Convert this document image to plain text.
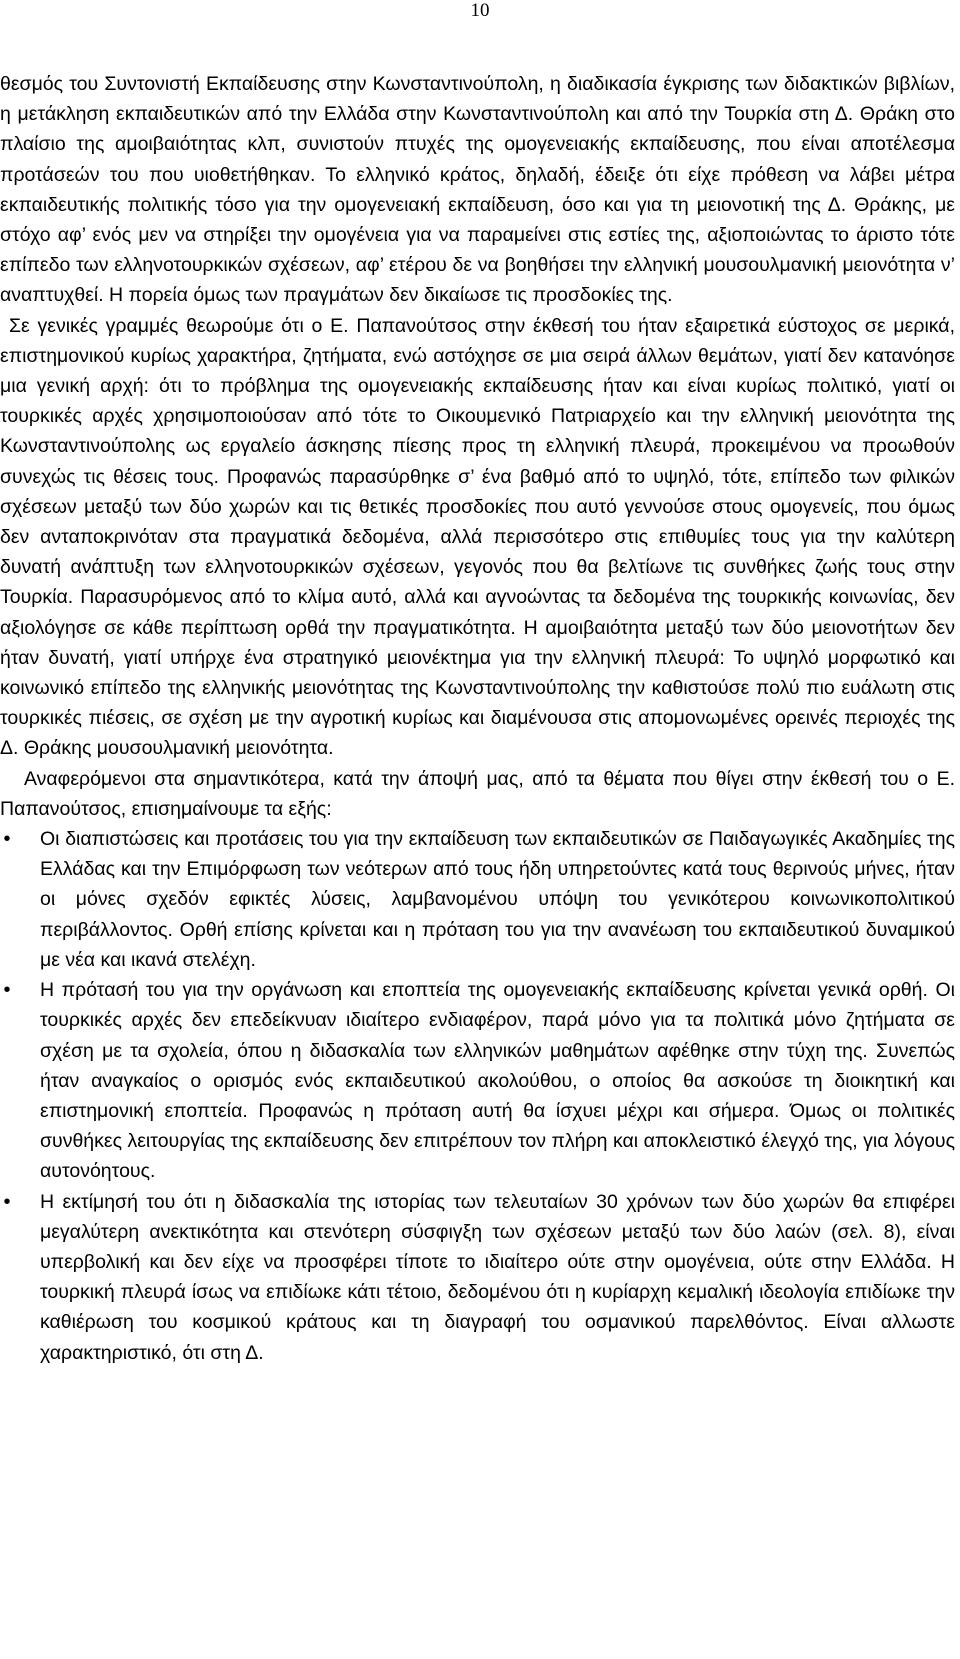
10

θεσμός του Συντονιστή Εκπαίδευσης στην Κωνσταντινούπολη, η διαδικασία έγκρισης των διδακτικών βιβλίων, η μετάκληση εκπαιδευτικών από την Ελλάδα στην Κωνσταντινούπολη και από την Τουρκία στη Δ. Θράκη στο πλαίσιο της αμοιβαιότητας κλπ, συνιστούν πτυχές της ομογενειακής εκπαίδευσης, που είναι αποτέλεσμα προτάσεών του που υιοθετήθηκαν. Το ελληνικό κράτος, δηλαδή, έδειξε ότι είχε πρόθεση να λάβει μέτρα εκπαιδευτικής πολιτικής τόσο για την ομογενειακή εκπαίδευση, όσο και για τη μειονοτική της Δ. Θράκης, με στόχο αφ’ ενός μεν να στηρίξει την ομογένεια για να παραμείνει στις εστίες της, αξιοποιώντας το άριστο τότε επίπεδο των ελληνοτουρκικών σχέσεων, αφ’ ετέρου δε να βοηθήσει την ελληνική μουσουλμανική μειονότητα ν’ αναπτυχθεί. Η πορεία όμως των πραγμάτων δεν δικαίωσε τις προσδοκίες της.

Σε γενικές γραμμές θεωρούμε ότι ο Ε. Παπανούτσος στην έκθεσή του ήταν εξαιρετικά εύστοχος σε μερικά, επιστημονικού κυρίως χαρακτήρα, ζητήματα, ενώ αστόχησε σε μια σειρά άλλων θεμάτων, γιατί δεν κατανόησε μια γενική αρχή: ότι το πρόβλημα της ομογενειακής εκπαίδευσης ήταν και είναι κυρίως πολιτικό, γιατί οι τουρκικές αρχές χρησιμοποιούσαν από τότε το Οικουμενικό Πατριαρχείο και την ελληνική μειονότητα της Κωνσταντινούπολης ως εργαλείο άσκησης πίεσης προς τη ελληνική πλευρά, προκειμένου να προωθούν συνεχώς τις θέσεις τους. Προφανώς παρασύρθηκε σ’ ένα βαθμό από το υψηλό, τότε, επίπεδο των φιλικών σχέσεων μεταξύ των δύο χωρών και τις θετικές προσδοκίες που αυτό γεννούσε στους ομογενείς, που όμως δεν ανταποκρινόταν στα πραγματικά δεδομένα, αλλά περισσότερο στις επιθυμίες τους για την καλύτερη δυνατή ανάπτυξη των ελληνοτουρκικών σχέσεων, γεγονός που θα βελτίωνε τις συνθήκες ζωής τους στην Τουρκία. Παρασυρόμενος από το κλίμα αυτό, αλλά και αγνοώντας τα δεδομένα της τουρκικής κοινωνίας, δεν αξιολόγησε σε κάθε περίπτωση ορθά την πραγματικότητα. Η αμοιβαιότητα μεταξύ των δύο μειονοτήτων δεν ήταν δυνατή, γιατί υπήρχε ένα στρατηγικό μειονέκτημα για την ελληνική πλευρά: Το υψηλό μορφωτικό και κοινωνικό επίπεδο της ελληνικής μειονότητας της Κωνσταντινούπολης την καθιστούσε πολύ πιο ευάλωτη στις τουρκικές πιέσεις, σε σχέση με την αγροτική κυρίως και διαμένουσα στις απομονωμένες ορεινές περιοχές της Δ. Θράκης μουσουλμανική μειονότητα.

Αναφερόμενοι στα σημαντικότερα, κατά την άποψή μας, από τα θέματα που θίγει στην έκθεσή του ο Ε. Παπανούτσος, επισημαίνουμε τα εξής:

• Οι διαπιστώσεις και προτάσεις του για την εκπαίδευση των εκπαιδευτικών σε Παιδαγωγικές Ακαδημίες της Ελλάδας και την Επιμόρφωση των νεότερων από τους ήδη υπηρετούντες κατά τους θερινούς μήνες, ήταν οι μόνες σχεδόν εφικτές λύσεις, λαμβανομένου υπόψη του γενικότερου κοινωνικοπολιτικού περιβάλλοντος. Ορθή επίσης κρίνεται και η πρόταση του για την ανανέωση του εκπαιδευτικού δυναμικού με νέα και ικανά στελέχη.
• Η πρότασή του για την οργάνωση και εποπτεία της ομογενειακής εκπαίδευσης κρίνεται γενικά ορθή. Οι τουρκικές αρχές δεν επεδείκνυαν ιδιαίτερο ενδιαφέρον, παρά μόνο για τα πολιτικά μόνο ζητήματα σε σχέση με τα σχολεία, όπου η διδασκαλία των ελληνικών μαθημάτων αφέθηκε στην τύχη της. Συνεπώς ήταν αναγκαίος ο ορισμός ενός εκπαιδευτικού ακολούθου, ο οποίος θα ασκούσε τη διοικητική και επιστημονική εποπτεία. Προφανώς η πρόταση αυτή θα ίσχυει μέχρι και σήμερα. Όμως οι πολιτικές συνθήκες λειτουργίας της εκπαίδευσης δεν επιτρέπουν τον πλήρη και αποκλειστικό έλεγχό της, για λόγους αυτονόητους.
• Η εκτίμησή του ότι η διδασκαλία της ιστορίας των τελευταίων 30 χρόνων των δύο χωρών θα επιφέρει μεγαλύτερη ανεκτικότητα και στενότερη σύσφιγξη των σχέσεων μεταξύ των δύο λαών (σελ. 8), είναι υπερβολική και δεν είχε να προσφέρει τίποτε το ιδιαίτερο ούτε στην ομογένεια, ούτε στην Ελλάδα. Η τουρκική πλευρά ίσως να επιδίωκε κάτι τέτοιο, δεδομένου ότι η κυρίαρχη κεμαλική ιδεολογία επιδίωκε την καθιέρωση του κοσμικού κράτους και τη διαγραφή του οσμανικού παρελθόντος. Είναι αλλωστε χαρακτηριστικό, ότι στη Δ.
